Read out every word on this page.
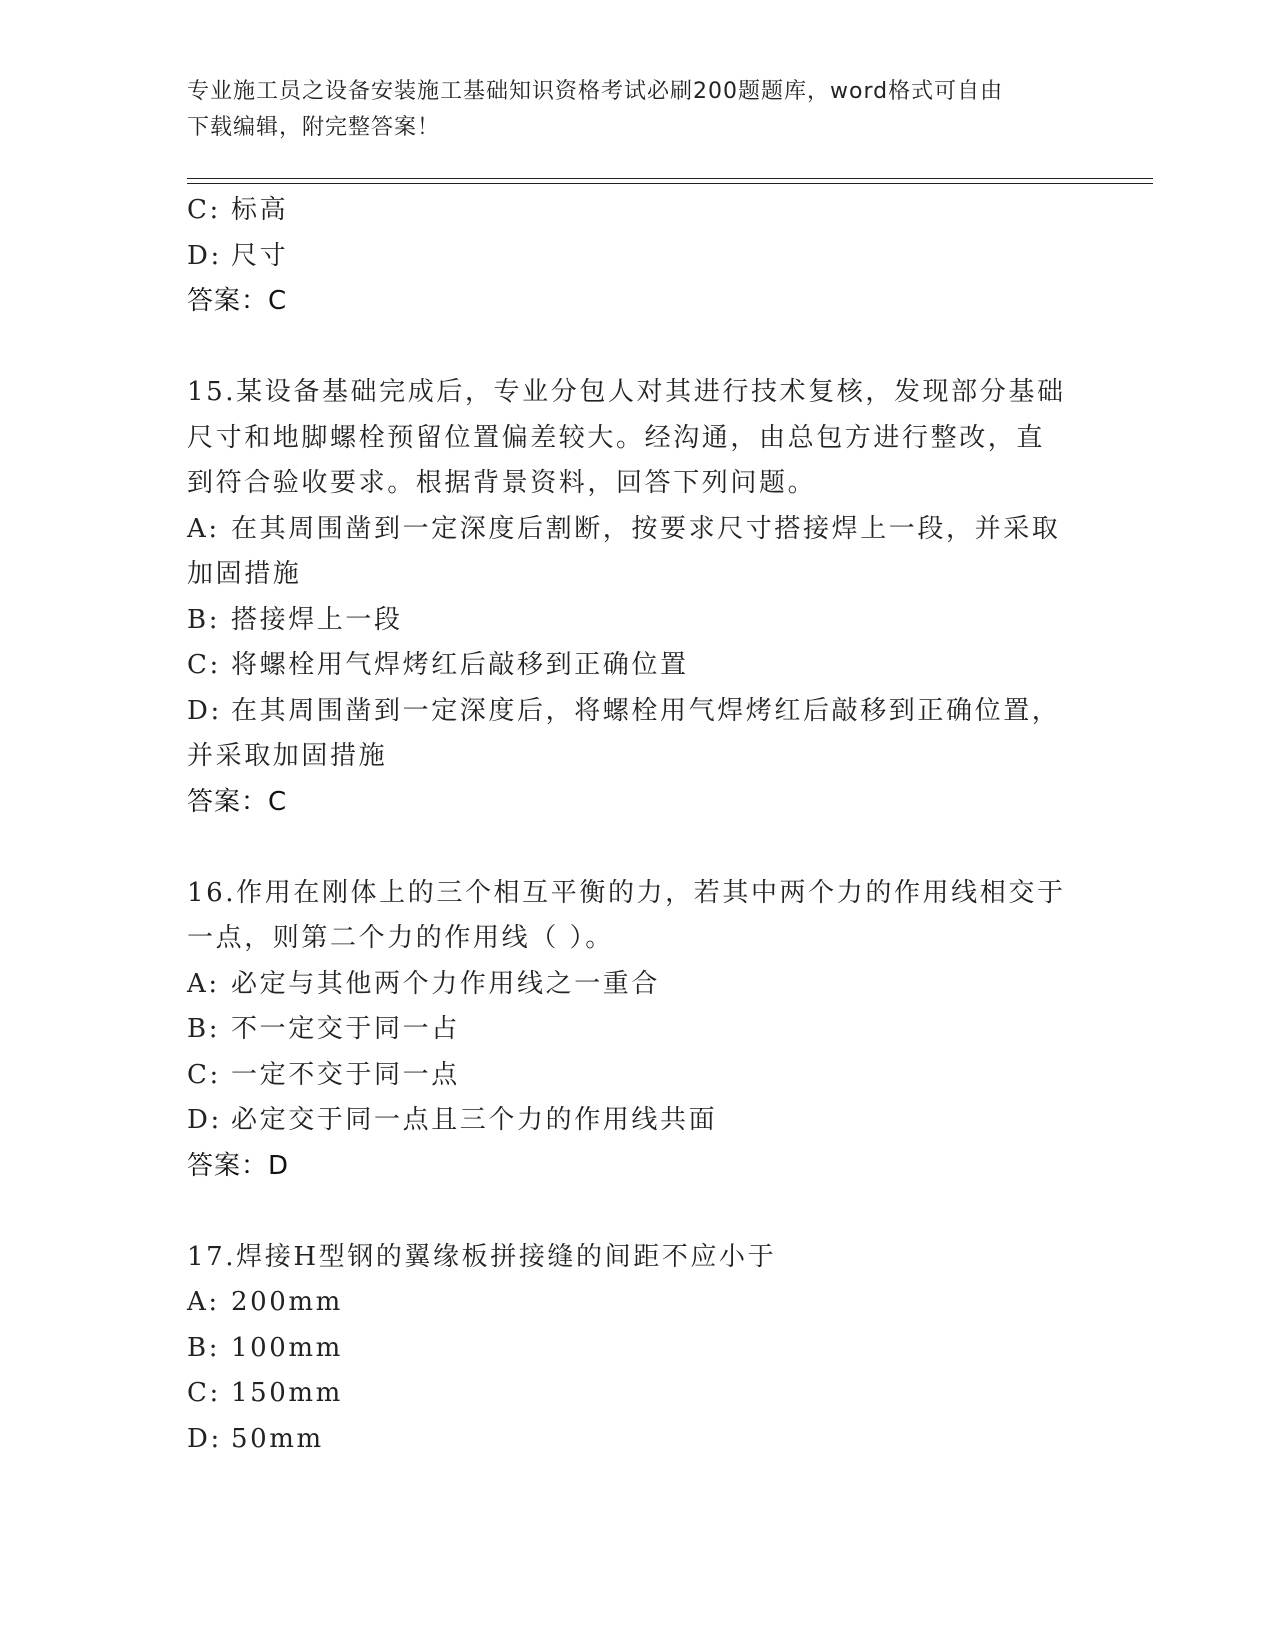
专业施工员之设备安装施工基础知识资格考试必刷200题题库，word格式可自由
下载编辑，附完整答案！
C: 标高
D: 尺寸
答案：C
15.某设备基础完成后，专业分包人对其进行技术复核，发现部分基础
尺寸和地脚螺栓预留位置偏差较大。经沟通，由总包方进行整改，直
到符合验收要求。根据背景资料，回答下列问题。
A: 在其周围凿到一定深度后割断，按要求尺寸搭接焊上一段，并采取
加固措施
B: 搭接焊上一段
C: 将螺栓用气焊烤红后敲移到正确位置
D: 在其周围凿到一定深度后，将螺栓用气焊烤红后敲移到正确位置，
并采取加固措施
答案：C
16.作用在刚体上的三个相互平衡的力，若其中两个力的作用线相交于
一点，则第二个力的作用线（ ）。
A: 必定与其他两个力作用线之一重合
B: 不一定交于同一占
C: 一定不交于同一点
D: 必定交于同一点且三个力的作用线共面
答案：D
17.焊接H型钢的翼缘板拼接缝的间距不应小于
A: 200mm
B: 100mm
C: 150mm
D: 50mm
